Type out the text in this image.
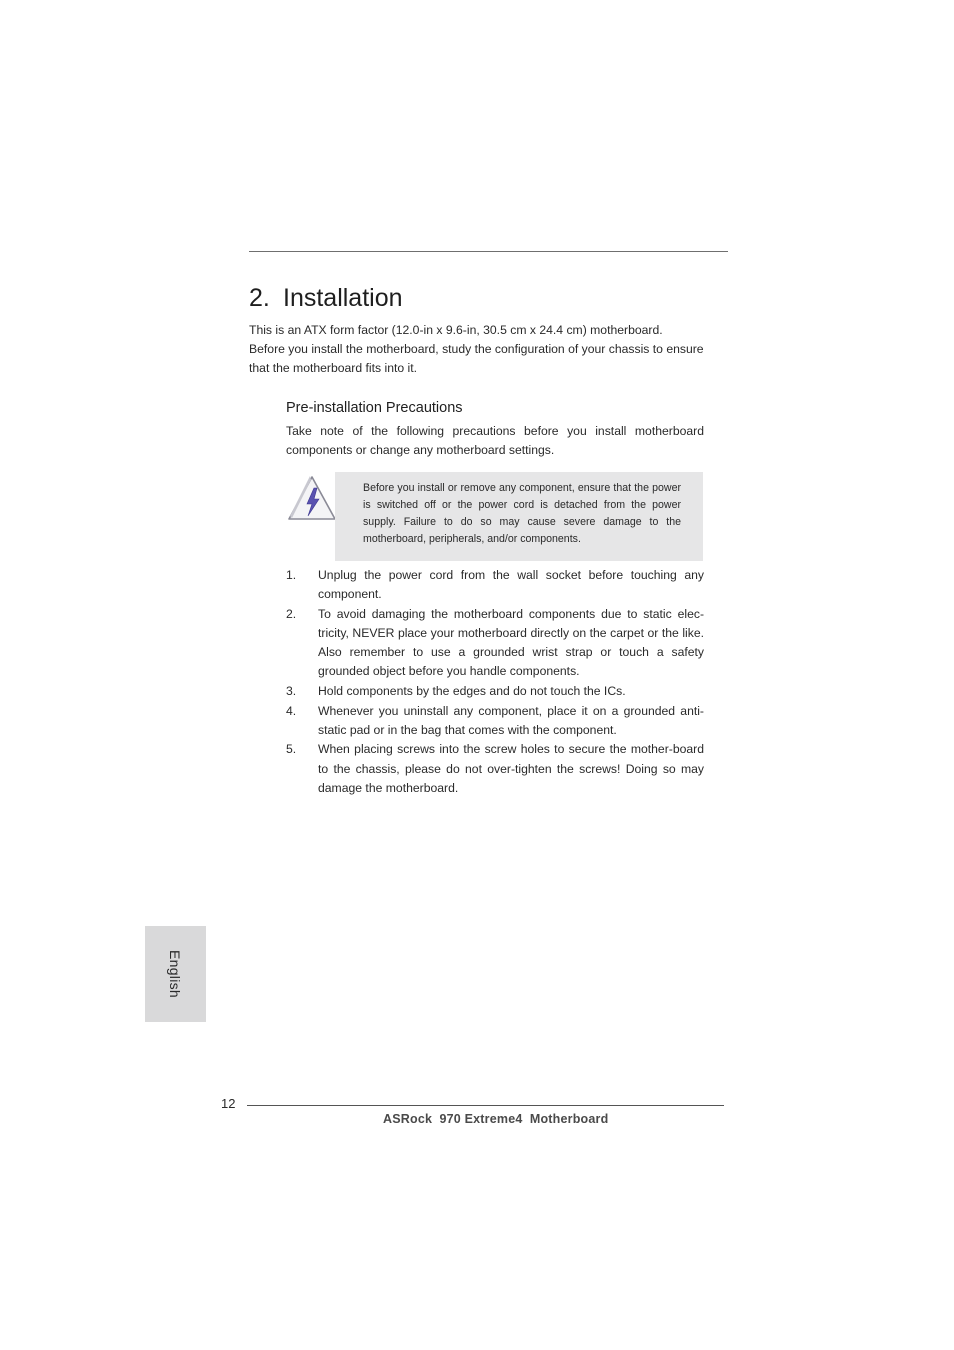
2. Installation
This is an ATX form factor (12.0-in x 9.6-in, 30.5 cm x 24.4 cm) motherboard.
Before you install the motherboard, study the configuration of your chassis to ensure
that the motherboard fits into it.
Pre-installation Precautions
Take note of the following precautions before you install motherboard components or change any motherboard settings.
Before you install or remove any component, ensure that the power is switched off or the power cord is detached from the power supply. Failure to do so may cause severe damage to the motherboard, peripherals, and/or components.
1. Unplug the power cord from the wall socket before touching any component.
2. To avoid damaging the motherboard components due to static elec-tricity, NEVER place your motherboard directly on the carpet or the like. Also remember to use a grounded wrist strap or touch a safety grounded object before you handle components.
3. Hold components by the edges and do not touch the ICs.
4. Whenever you uninstall any component, place it on a grounded anti-static pad or in the bag that comes with the component.
5. When placing screws into the screw holes to secure the mother-board to the chassis, please do not over-tighten the screws! Doing so may damage the motherboard.
English
12
ASRock  970 Extreme4  Motherboard
